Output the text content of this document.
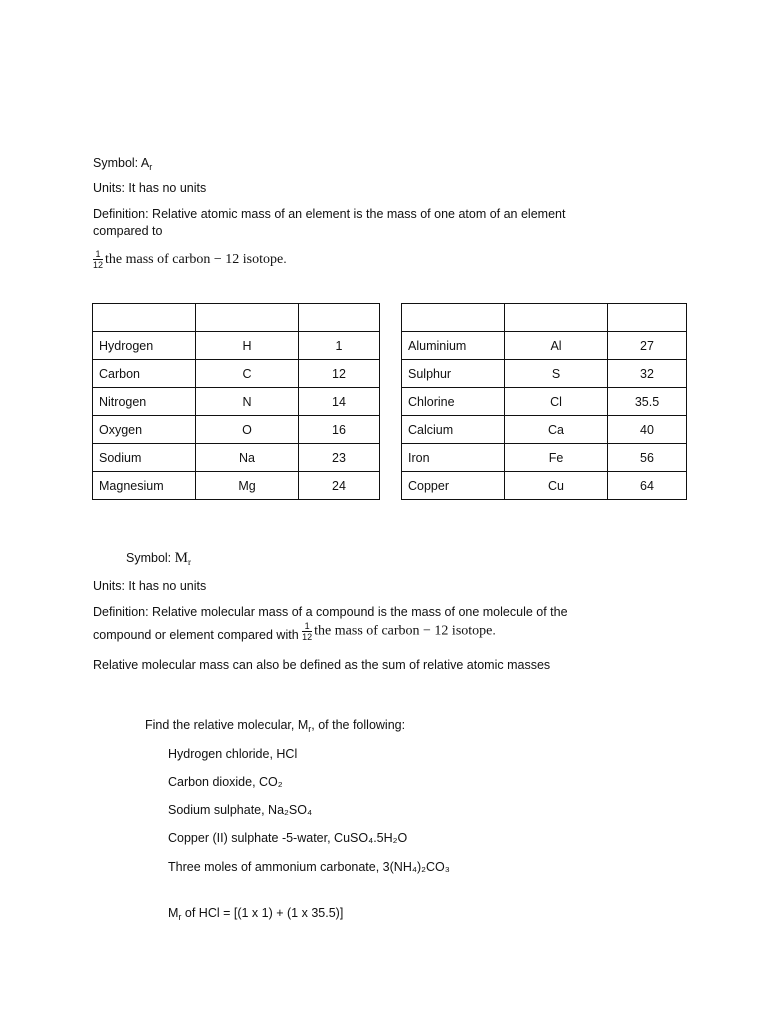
Symbol: $A_r$
Units: It has no units
Definition: Relative atomic mass of an element is the mass of one atom of an element
compared to
$\frac{1}{12}$ the mass of carbon − 12 isotope.

Hydrogen	H	1
Carbon	C	12
Nitrogen	N	14
Oxygen	O	16
Sodium	Na	23
Magnesium	Mg	24

Aluminium	Al	27
Sulphur	S	32
Chlorine	Cl	35.5
Calcium	Ca	40
Iron	Fe	56
Copper	Cu	64
Symbol: $M_r$
Units: It has no units
Definition: Relative molecular mass of a compound is the mass of one molecule of the
compound or element compared with $\frac{1}{12}$ the mass of carbon − 12 isotope.
Relative molecular mass can also be defined as the sum of relative atomic masses
Find the relative molecular, $M_r$, of the following:
Hydrogen chloride, HCl
Carbon dioxide, CO₂
Sodium sulphate, Na₂SO₄
Copper (II) sulphate -5-water, CuSO₄.5H₂O
Three moles of ammonium carbonate, 3(NH₄)₂CO₃
$M_r$ of HCl = [(1 x 1) + (1 x 35.5)]
